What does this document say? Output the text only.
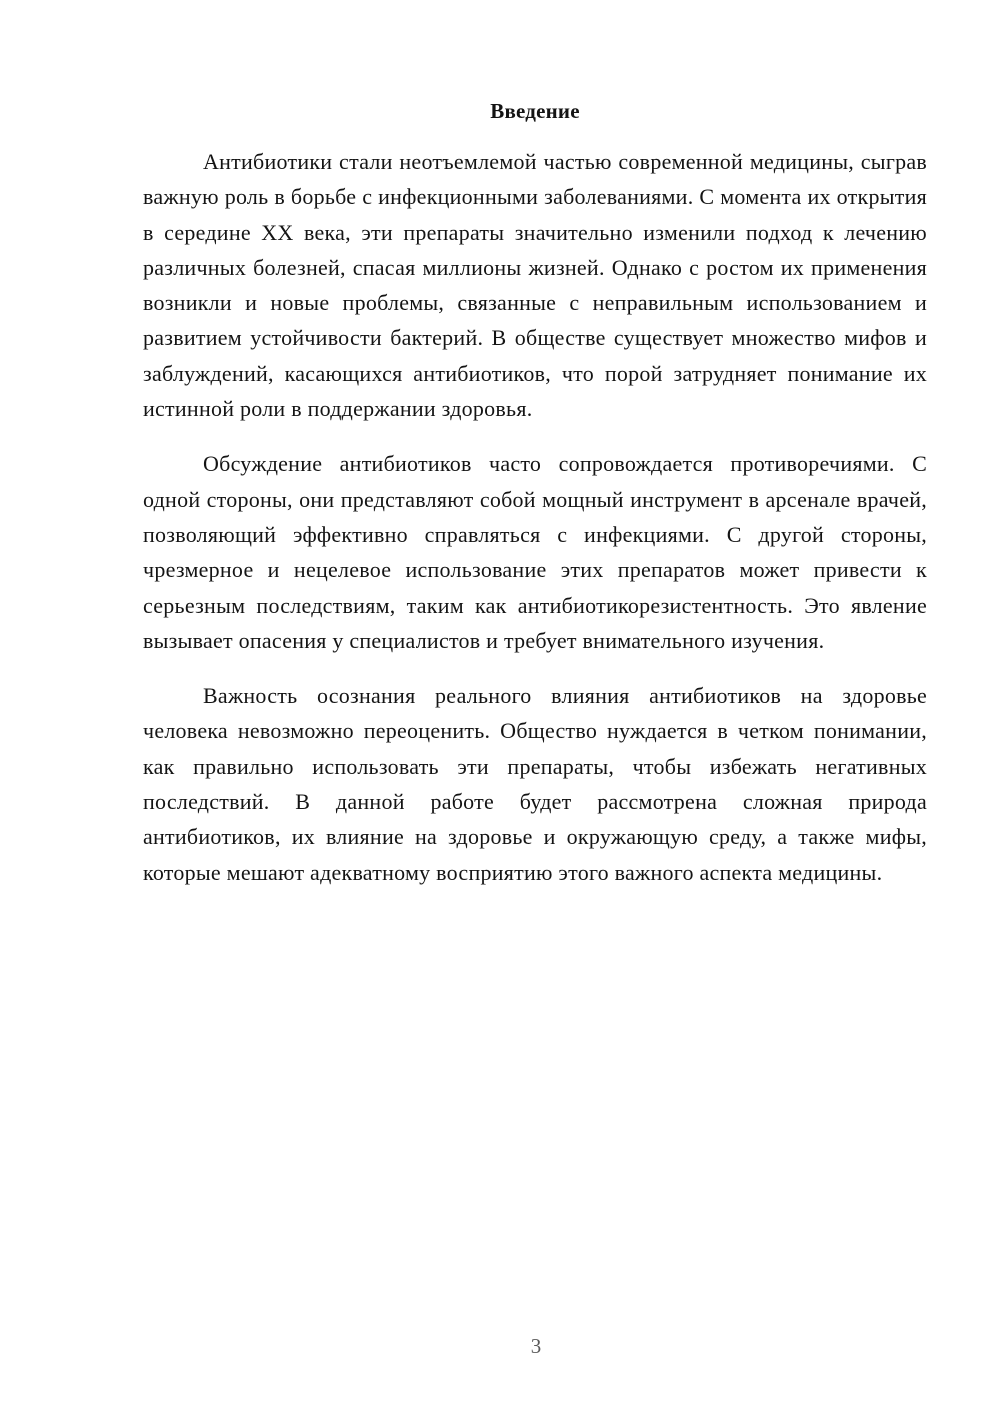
Введение

Антибиотики стали неотъемлемой частью современной медицины, сыграв важную роль в борьбе с инфекционными заболеваниями. С момента их открытия в середине XX века, эти препараты значительно изменили подход к лечению различных болезней, спасая миллионы жизней. Однако с ростом их применения возникли и новые проблемы, связанные с неправильным использованием и развитием устойчивости бактерий. В обществе существует множество мифов и заблуждений, касающихся антибиотиков, что порой затрудняет понимание их истинной роли в поддержании здоровья.

Обсуждение антибиотиков часто сопровождается противоречиями. С одной стороны, они представляют собой мощный инструмент в арсенале врачей, позволяющий эффективно справляться с инфекциями. С другой стороны, чрезмерное и нецелевое использование этих препаратов может привести к серьезным последствиям, таким как антибиотикорезистентность. Это явление вызывает опасения у специалистов и требует внимательного изучения.

Важность осознания реального влияния антибиотиков на здоровье человека невозможно переоценить. Общество нуждается в четком понимании, как правильно использовать эти препараты, чтобы избежать негативных последствий. В данной работе будет рассмотрена сложная природа антибиотиков, их влияние на здоровье и окружающую среду, а также мифы, которые мешают адекватному восприятию этого важного аспекта медицины.

3
